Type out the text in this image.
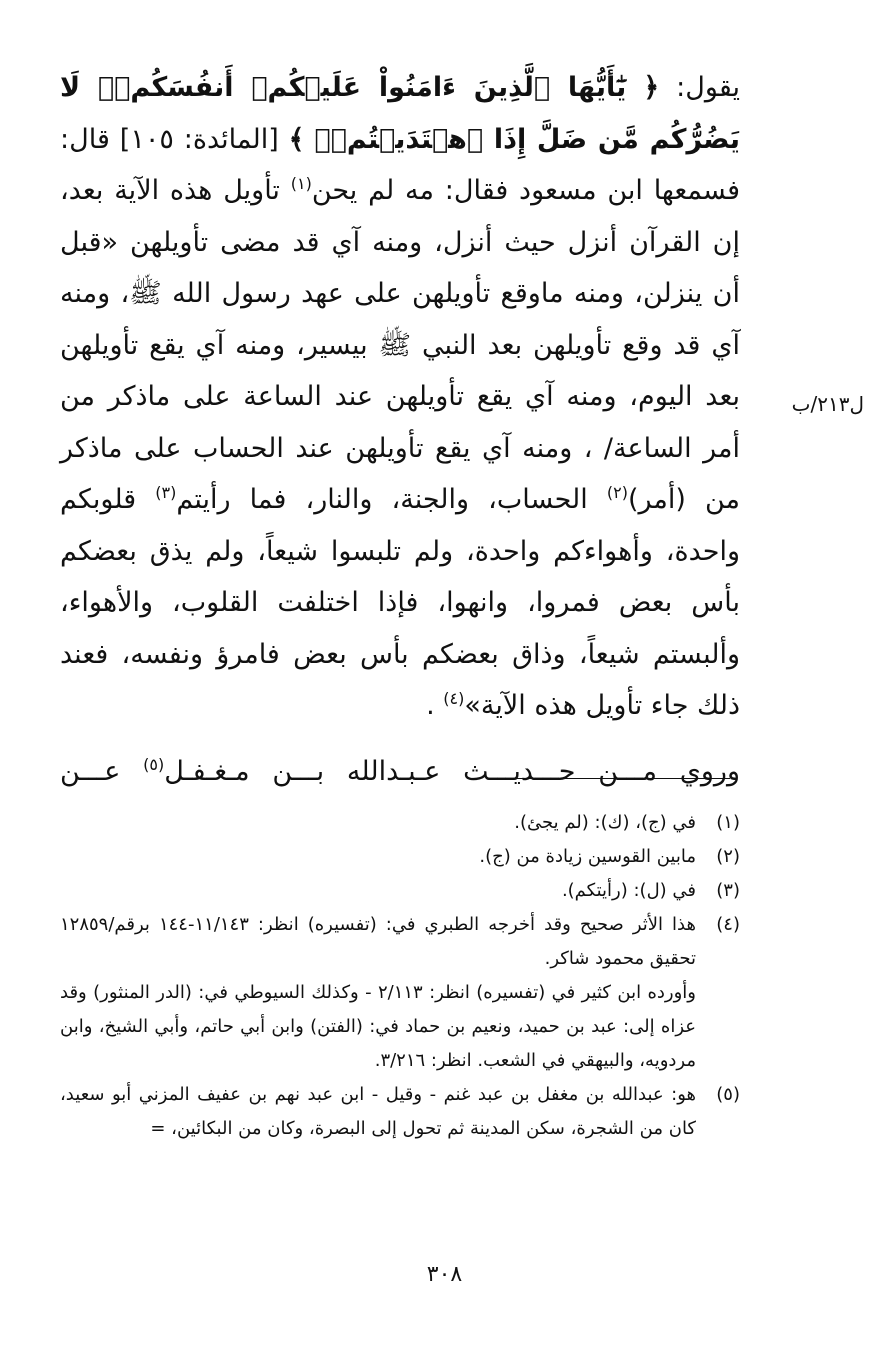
يقول: ﴿ يَٰٓأَيُّهَا ٱلَّذِينَ ءَامَنُواْ عَلَيۡكُمۡ أَنفُسَكُمۡۖ لَا يَضُرُّكُم مَّن ضَلَّ إِذَا ٱهۡتَدَيۡتُمۡۚ ﴾ [المائدة: ١٠٥] قال: فسمعها ابن مسعود فقال: مه لم يحن$^{(١)}$ تأويل هذه الآية بعد، إن القرآن أنزل حيث أنزل، ومنه آي قد مضى تأويلهن «قبل أن ينزلن، ومنه ماوقع تأويلهن على عهد رسول الله ﷺ، ومنه آي قد وقع تأويلهن بعد النبي ﷺ بيسير، ومنه آي يقع تأويلهن بعد اليوم، ومنه آي يقع تأويلهن عند الساعة على ماذكر من أمر الساعة/ ، ومنه آي يقع تأويلهن عند الحساب على ماذكر من (أمر)$^{(٢)}$ الحساب، والجنة، والنار، فما رأيتم$^{(٣)}$ قلوبكم واحدة، وأهواءكم واحدة، ولم تلبسوا شيعاً، ولم يذق بعضكم بأس بعض فمروا، وانهوا، فإذا اختلفت القلوب، والأهواء، وألبستم شيعاً، وذاق بعضكم بأس بعض فامرؤ ونفسه، فعند ذلك جاء تأويل هذه الآية»$^{(٤)}$ .

وروي مـــن حـــديـــث عـبـدالله بـــن مـغـفـل$^{(٥)}$ عـــن

ل٢١٣/ب
(١)
في (ج)، (ك): (لم يجئ).
(٢)
مابين القوسين زيادة من (ج).
(٣)
في (ل): (رأيتكم).
(٤)
هذا الأثر صحيح وقد أخرجه الطبري في: (تفسيره) انظر: ١١/١٤٣-١٤٤ برقم/١٢٨٥٩ تحقيق محمود شاكر.
وأورده ابن كثير في (تفسيره) انظر: ٢/١١٣ - وكذلك السيوطي في: (الدر المنثور) وقد عزاه إلى: عبد بن حميد، ونعيم بن حماد في: (الفتن) وابن أبي حاتم، وأبي الشيخ، وابن مردويه، والبيهقي في الشعب. انظر: ٣/٢١٦.
(٥)
هو: عبدالله بن مغفل بن عبد غنم - وقيل - ابن عبد نهم بن عفيف المزني أبو سعيد، كان من الشجرة، سكن المدينة ثم تحول إلى البصرة، وكان من البكائين، =
٣٠٨
